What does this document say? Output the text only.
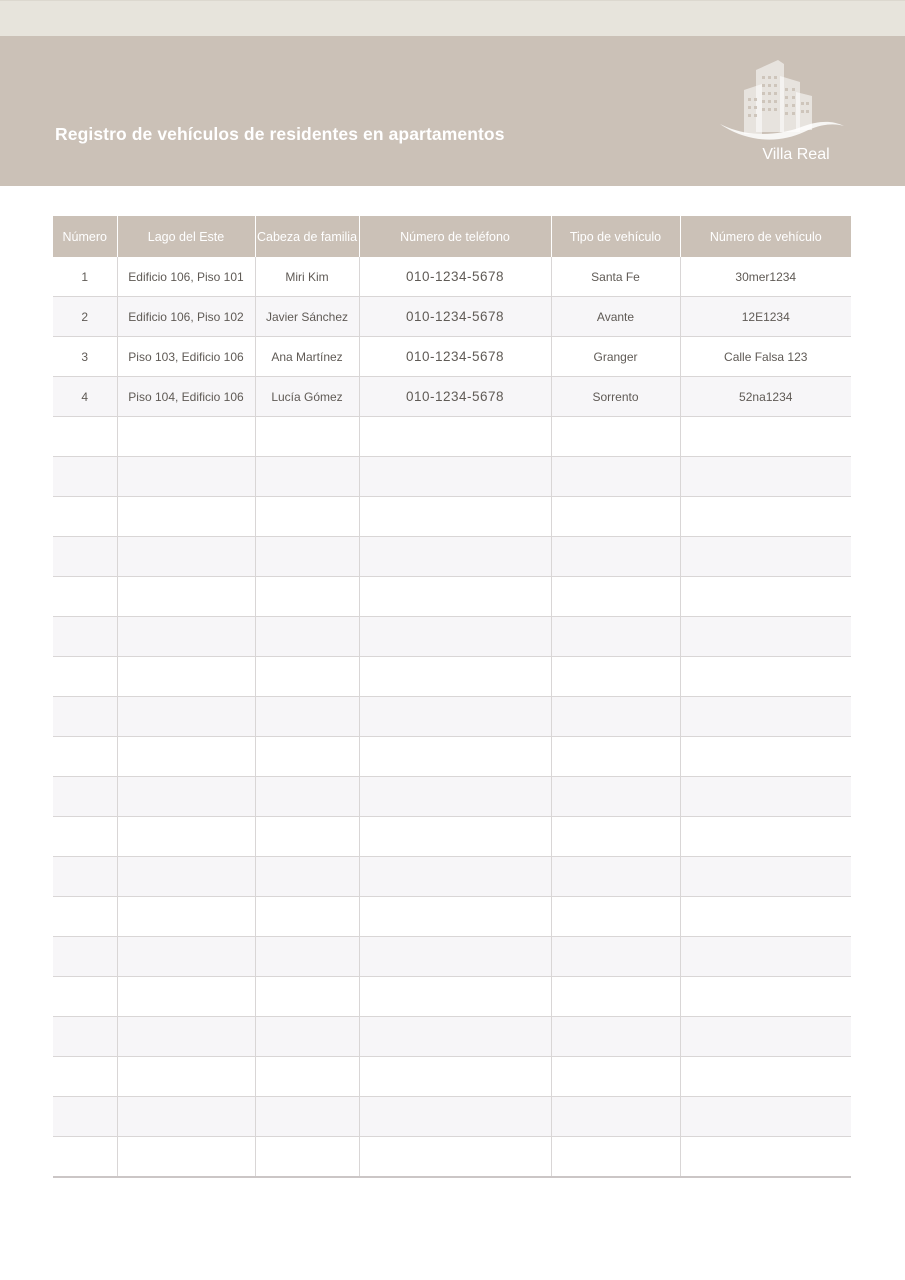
Registro de vehículos de residentes en apartamentos
Villa Real
Número	Lago del Este	Cabeza de familia	Número de teléfono	Tipo de vehículo	Número de vehículo
1	Edificio 106, Piso 101	Miri Kim	010-1234-5678	Santa Fe	30mer1234
2	Edificio 106, Piso 102	Javier Sánchez	010-1234-5678	Avante	12E1234
3	Piso 103, Edificio 106	Ana Martínez	010-1234-5678	Granger	Calle Falsa 123
4	Piso 104, Edificio 106	Lucía Gómez	010-1234-5678	Sorrento	52na1234
